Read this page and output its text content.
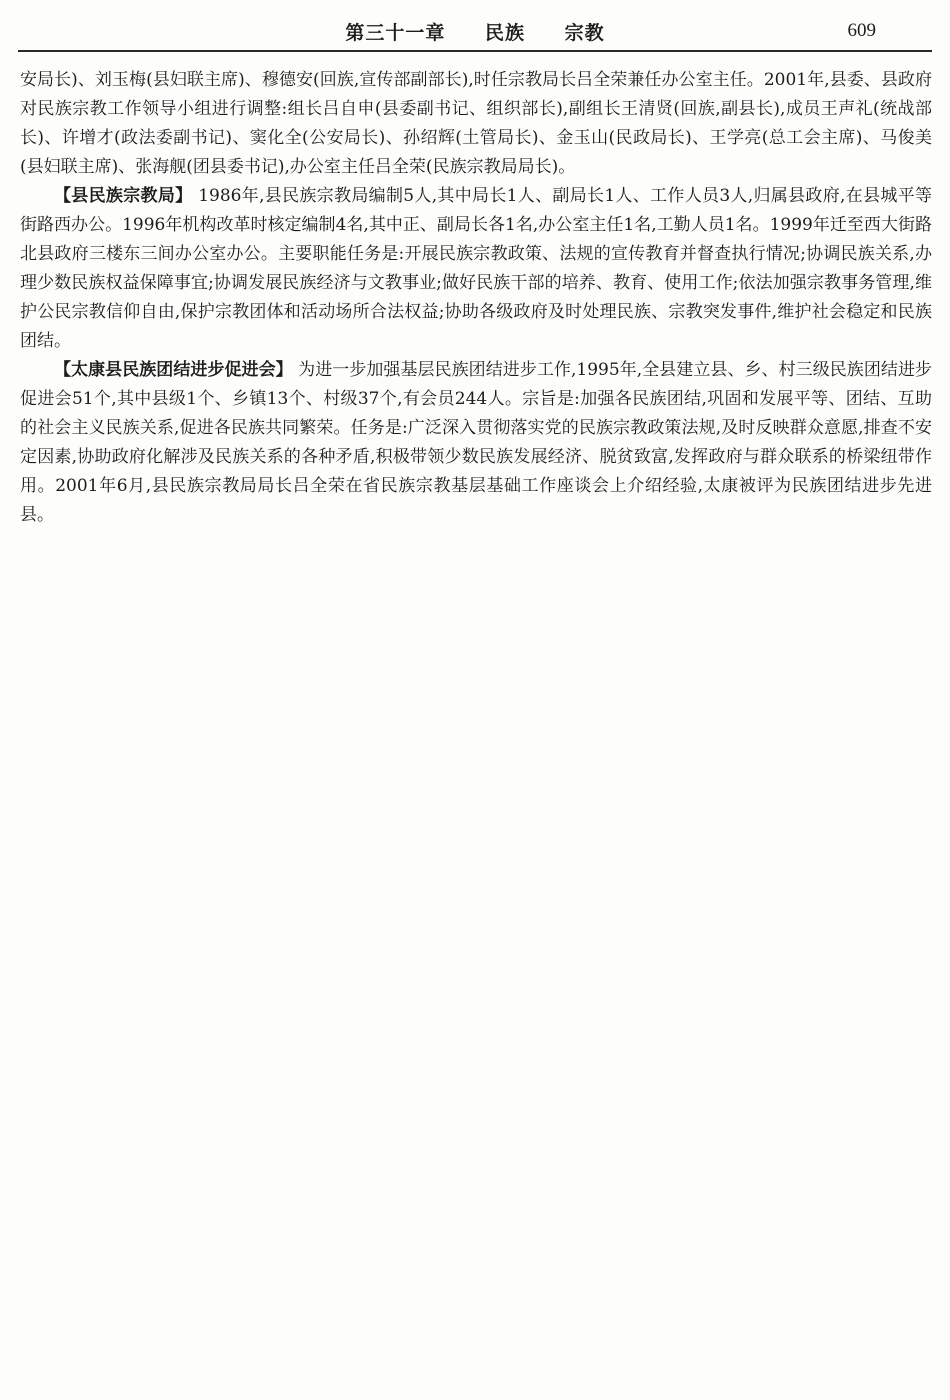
第三十一章 民族 宗教	609

安局长)、刘玉梅(县妇联主席)、穆德安(回族,宣传部副部长),时任宗教局长吕全荣兼任办公室主任。2001年,县委、县政府对民族宗教工作领导小组进行调整:组长吕自申(县委副书记、组织部长),副组长王清贤(回族,副县长),成员王声礼(统战部长)、许增才(政法委副书记)、窦化全(公安局长)、孙绍辉(土管局长)、金玉山(民政局长)、王学亮(总工会主席)、马俊美(县妇联主席)、张海舰(团县委书记),办公室主任吕全荣(民族宗教局局长)。

【县民族宗教局】 1986年,县民族宗教局编制5人,其中局长1人、副局长1人、工作人员3人,归属县政府,在县城平等街路西办公。1996年机构改革时核定编制4名,其中正、副局长各1名,办公室主任1名,工勤人员1名。1999年迁至西大街路北县政府三楼东三间办公室办公。主要职能任务是:开展民族宗教政策、法规的宣传教育并督查执行情况;协调民族关系,办理少数民族权益保障事宜;协调发展民族经济与文教事业;做好民族干部的培养、教育、使用工作;依法加强宗教事务管理,维护公民宗教信仰自由,保护宗教团体和活动场所合法权益;协助各级政府及时处理民族、宗教突发事件,维护社会稳定和民族团结。

【太康县民族团结进步促进会】 为进一步加强基层民族团结进步工作,1995年,全县建立县、乡、村三级民族团结进步促进会51个,其中县级1个、乡镇13个、村级37个,有会员244人。宗旨是:加强各民族团结,巩固和发展平等、团结、互助的社会主义民族关系,促进各民族共同繁荣。任务是:广泛深入贯彻落实党的民族宗教政策法规,及时反映群众意愿,排查不安定因素,协助政府化解涉及民族关系的各种矛盾,积极带领少数民族发展经济、脱贫致富,发挥政府与群众联系的桥梁纽带作用。2001年6月,县民族宗教局局长吕全荣在省民族宗教基层基础工作座谈会上介绍经验,太康被评为民族团结进步先进县。
